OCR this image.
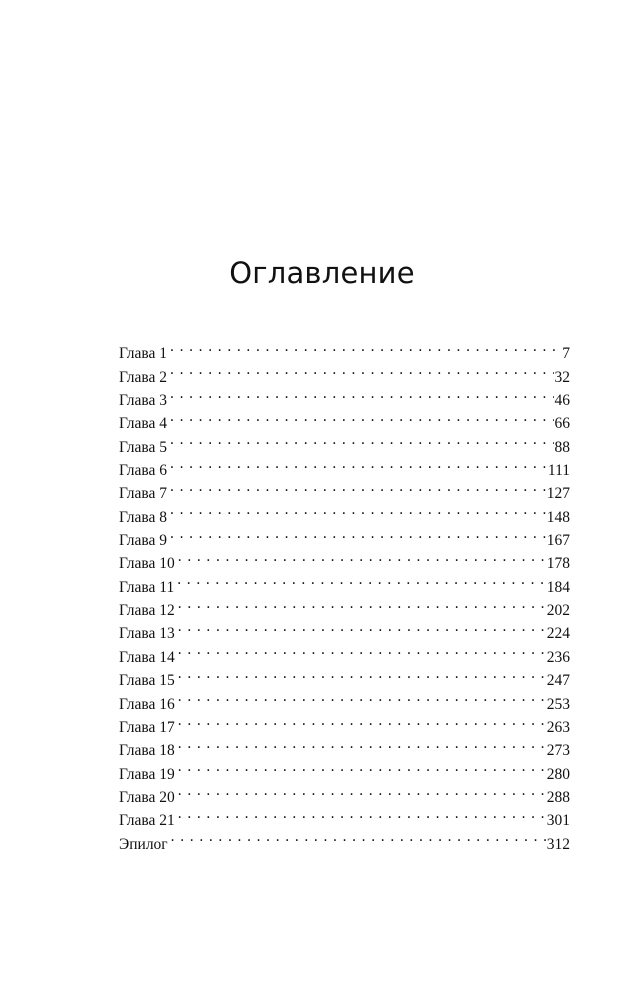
Оглавление
Глава 1 . . .	7
Глава 2 . . .	32
Глава 3 . . .	46
Глава 4 . . .	66
Глава 5 . . .	88
Глава 6 . . .	111
Глава 7 . . .	127
Глава 8 . . .	148
Глава 9 . . .	167
Глава 10 . . .	178
Глава 11 . . .	184
Глава 12 . . .	202
Глава 13 . . .	224
Глава 14 . . .	236
Глава 15 . . .	247
Глава 16 . . .	253
Глава 17 . . .	263
Глава 18 . . .	273
Глава 19 . . .	280
Глава 20 . . .	288
Глава 21 . . .	301
Эпилог . . .	312
